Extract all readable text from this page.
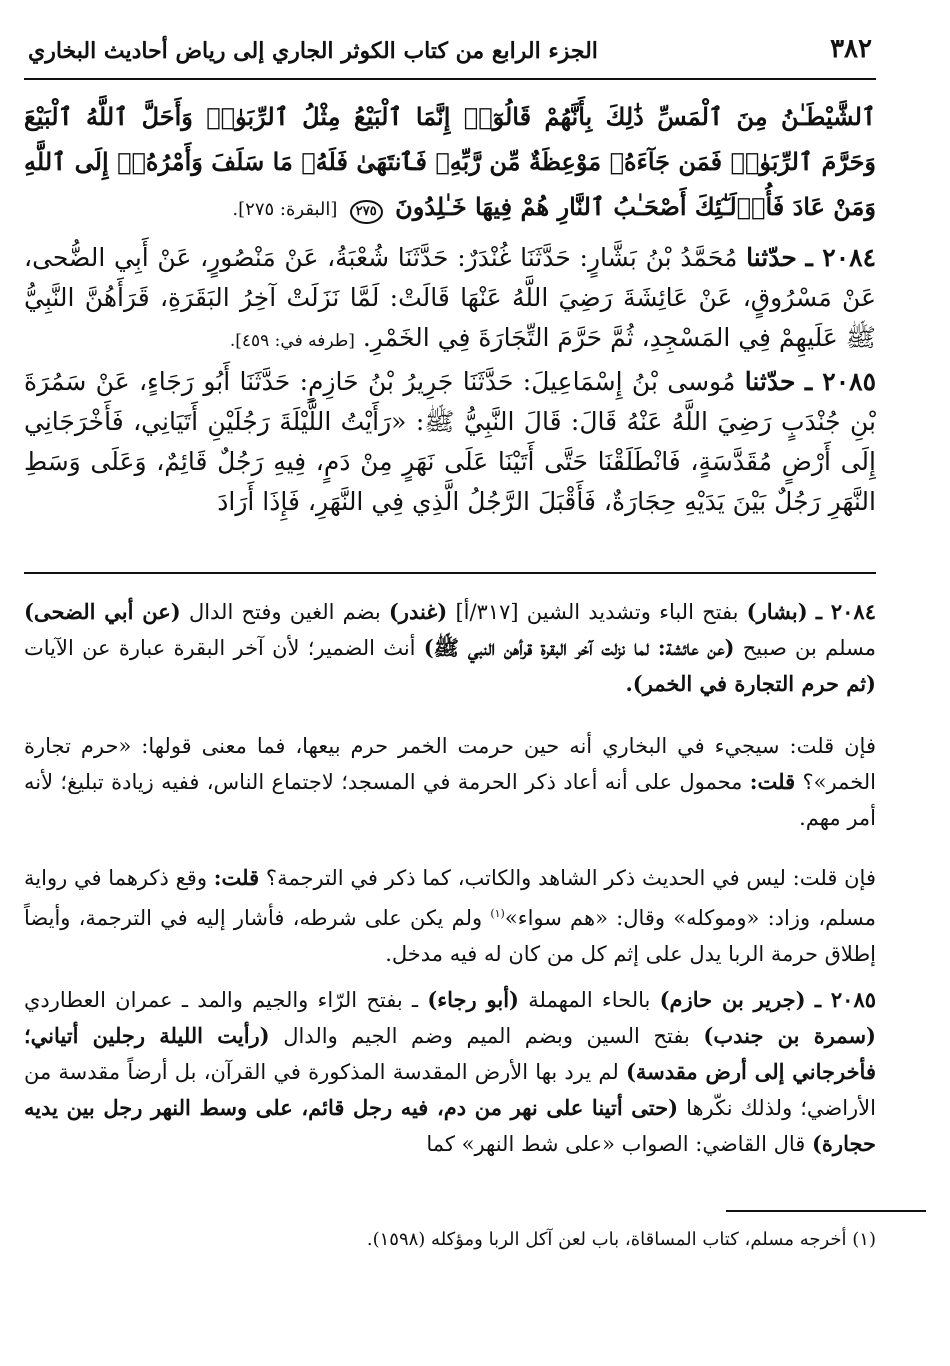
٣٨٢
الجزء الرابع من كتاب الكوثر الجاري إلى رياض أحاديث البخاري
ٱلشَّيْطَـٰنُ مِنَ ٱلْمَسِّ ذَٰلِكَ بِأَنَّهُمْ قَالُوٓا۟ إِنَّمَا ٱلْبَيْعُ مِثْلُ ٱلرِّبَوٰا۟ وَأَحَلَّ ٱللَّهُ ٱلْبَيْعَ وَحَرَّمَ ٱلرِّبَوٰا۟ فَمَن جَآءَهُۥ مَوْعِظَةٌ مِّن رَّبِّهِۦ فَٱنتَهَىٰ فَلَهُۥ مَا سَلَفَ وَأَمْرُهُۥٓ إِلَى ٱللَّهِ وَمَنْ عَادَ فَأُو۟لَـٰٓئِكَ أَصْحَـٰبُ ٱلنَّارِ هُمْ فِيهَا خَـٰلِدُونَ ٢٧٥ [البقرة: ٢٧٥].
٢٠٨٤ ـ حدّثنا مُحَمَّدُ بْنُ بَشَّارٍ: حَدَّثَنَا غُنْدَرٌ: حَدَّثَنَا شُعْبَةُ، عَنْ مَنْصُورٍ، عَنْ أَبِي الضُّحى، عَنْ مَسْرُوقٍ، عَنْ عَائِشَةَ رَضِيَ اللَّهُ عَنْهَا قَالَتْ: لَمَّا نَزَلَتْ آخِرُ البَقَرَةِ، قَرَأَهُنَّ النَّبِيُّ ﷺ عَلَيهِمْ فِي المَسْجِدِ، ثُمَّ حَرَّمَ التِّجَارَةَ فِي الخَمْرِ. [طرفه في: ٤٥٩].
٢٠٨٥ ـ حدّثنا مُوسى بْنُ إِسْمَاعِيلَ: حَدَّثَنَا جَرِيرُ بْنُ حَازِمٍ: حَدَّثَنَا أَبُو رَجَاءٍ، عَنْ سَمُرَةَ بْنِ جُنْدَبٍ رَضِيَ اللَّهُ عَنْهُ قَالَ: قَالَ النَّبِيُّ ﷺ: «رَأَيْتُ اللَّيْلَةَ رَجُلَيْنِ أَتَيَانِي، فَأَخْرَجَانِي إِلَى أَرْضٍ مُقَدَّسَةٍ، فَانْطَلَقْنَا حَتَّى أَتَيْنَا عَلَى نَهَرٍ مِنْ دَمٍ، فِيهِ رَجُلٌ قَائِمٌ، وَعَلَى وَسَطِ النَّهَرِ رَجُلٌ بَيْنَ يَدَيْهِ حِجَارَةٌ، فَأَقْبَلَ الرَّجُلُ الَّذِي فِي النَّهَرِ، فَإِذَا أَرَادَ
٢٠٨٤ ـ (بشار) بفتح الباء وتشديد الشين [٣١٧/أ] (غندر) بضم الغين وفتح الدال (عن أبي الضحى) مسلم بن صبيح (عن عائشة: لما نزلت آخر البقرة قرأهن النبي ﷺ) أنث الضمير؛ لأن آخر البقرة عبارة عن الآيات (ثم حرم التجارة في الخمر).
فإن قلت: سيجيء في البخاري أنه حين حرمت الخمر حرم بيعها، فما معنى قولها: «حرم تجارة الخمر»؟ قلت: محمول على أنه أعاد ذكر الحرمة في المسجد؛ لاجتماع الناس، ففيه زيادة تبليغ؛ لأنه أمر مهم.
فإن قلت: ليس في الحديث ذكر الشاهد والكاتب، كما ذكر في الترجمة؟ قلت: وقع ذكرهما في رواية مسلم، وزاد: «وموكله» وقال: «هم سواء»$^{(١)}$ ولم يكن على شرطه، فأشار إليه في الترجمة، وأيضاً إطلاق حرمة الربا يدل على إثم كل من كان له فيه مدخل.
٢٠٨٥ ـ (جرير بن حازم) بالحاء المهملة (أبو رجاء) ـ بفتح الرّاء والجيم والمد ـ عمران العطاردي (سمرة بن جندب) بفتح السين وبضم الميم وضم الجيم والدال (رأيت الليلة رجلين أتياني؛ فأخرجاني إلى أرض مقدسة) لم يرد بها الأرض المقدسة المذكورة في القرآن، بل أرضاً مقدسة من الأراضي؛ ولذلك نكّرها (حتى أتينا على نهر من دم، فيه رجل قائم، على وسط النهر رجل بين يديه حجارة) قال القاضي: الصواب «على شط النهر» كما
(١) أخرجه مسلم، كتاب المساقاة، باب لعن آكل الربا ومؤكله (١٥٩٨).
